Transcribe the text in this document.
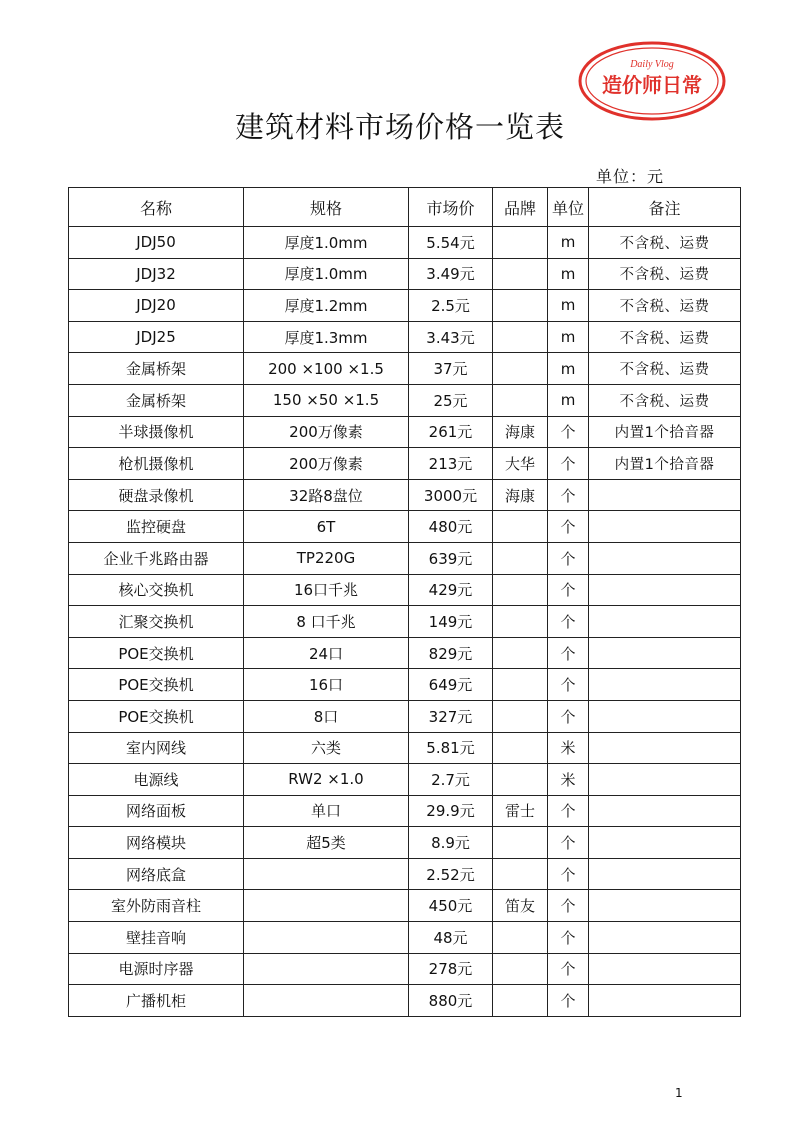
Daily Vlog
造价师日常
建筑材料市场价格一览表
单位：元
名称	规格	市场价	品牌	单位	备注
JDJ50	厚度1.0mm	5.54元		m	不含税、运费
JDJ32	厚度1.0mm	3.49元		m	不含税、运费
JDJ20	厚度1.2mm	2.5元		m	不含税、运费
JDJ25	厚度1.3mm	3.43元		m	不含税、运费
金属桥架	200 ×100 ×1.5	37元		m	不含税、运费
金属桥架	150 ×50 ×1.5	25元		m	不含税、运费
半球摄像机	200万像素	261元	海康	个	内置1个拾音器
枪机摄像机	200万像素	213元	大华	个	内置1个拾音器
硬盘录像机	32路8盘位	3000元	海康	个	
监控硬盘	6T	480元		个	
企业千兆路由器	TP220G	639元		个	
核心交换机	16口千兆	429元		个	
汇聚交换机	8 口千兆	149元		个	
POE交换机	24口	829元		个	
POE交换机	16口	649元		个	
POE交换机	8口	327元		个	
室内网线	六类	5.81元		米	
电源线	RW2 ×1.0	2.7元		米	
网络面板	单口	29.9元	雷士	个	
网络模块	超5类	8.9元		个	
网络底盒		2.52元		个	
室外防雨音柱		450元	笛友	个	
壁挂音响		48元		个	
电源时序器		278元		个	
广播机柜		880元		个	
1
